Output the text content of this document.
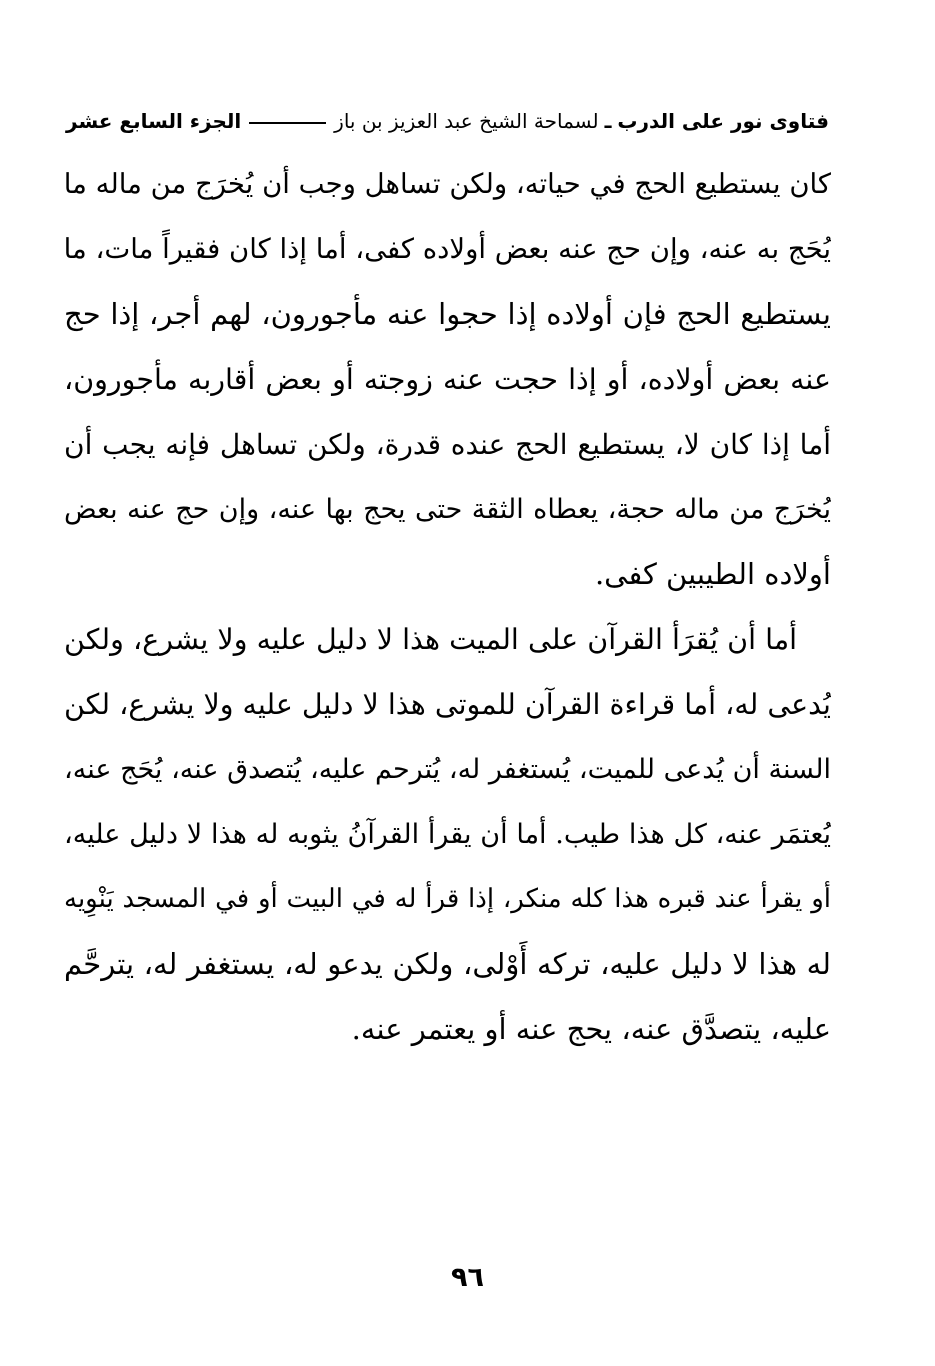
فتاوى نور على الدرب
ـ
لسماحة الشيخ عبد العزيز بن باز
الجزء السابع عشر

كان يستطيع الحج في حياته، ولكن تساهل وجب أن يُخرَج من ماله ما
يُحَج به عنه، وإن حج عنه بعض أولاده كفى، أما إذا كان فقيراً مات، ما
يستطيع الحج فإن أولاده إذا حجوا عنه مأجورون، لهم أجر، إذا حج
عنه بعض أولاده، أو إذا حجت عنه زوجته أو بعض أقاربه مأجورون،
أما إذا كان لا، يستطيع الحج عنده قدرة، ولكن تساهل فإنه يجب أن
يُخرَج من ماله حجة، يعطاه الثقة حتى يحج بها عنه، وإن حج عنه بعض
أولاده الطيبين كفى.

أما أن يُقرَأ القرآن على الميت هذا لا دليل عليه ولا يشرع، ولكن
يُدعى له، أما قراءة القرآن للموتى هذا لا دليل عليه ولا يشرع، لكن
السنة أن يُدعى للميت، يُستغفر له، يُترحم عليه، يُتصدق عنه، يُحَج عنه،
يُعتمَر عنه، كل هذا طيب. أما أن يقرأ القرآنُ يثوبه له هذا لا دليل عليه،
أو يقرأ عند قبره هذا كله منكر، إذا قرأ له في البيت أو في المسجد يَنْوِيه
له هذا لا دليل عليه، تركه أَوْلى، ولكن يدعو له، يستغفر له، يترحَّم
عليه، يتصدَّق عنه، يحج عنه أو يعتمر عنه.

٩٦
